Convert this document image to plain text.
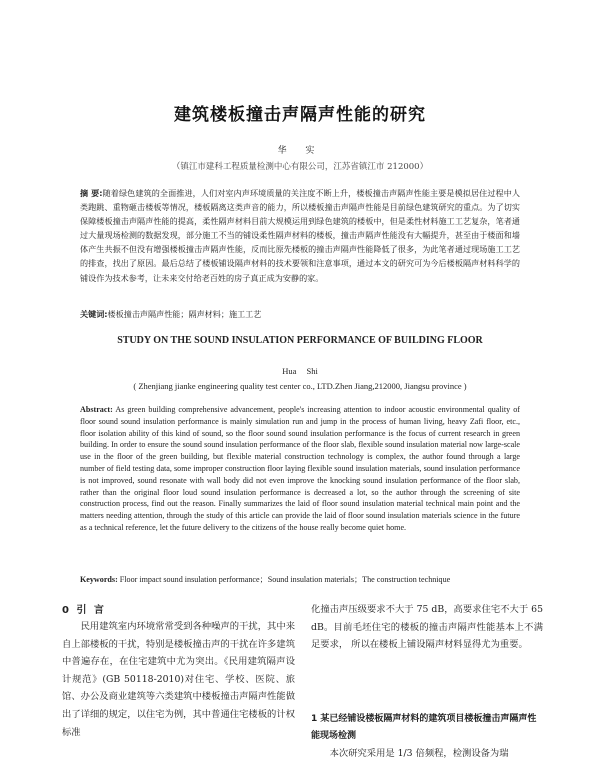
建筑楼板撞击声隔声性能的研究
华 实
（镇江市建科工程质量检测中心有限公司，江苏省镇江市 212000）
摘 要:随着绿色建筑的全面推进，人们对室内声环境质量的关注度不断上升，楼板撞击声隔声性能主要是模拟居住过程中人类跑跳、重物砸击楼板等情况，楼板隔离这类声音的能力，所以楼板撞击声隔声性能是目前绿色建筑研究的重点。为了切实保障楼板撞击声隔声性能的提高，柔性隔声材料目前大规模运用到绿色建筑的楼板中，但是柔性材料施工工艺复杂，笔者通过大量现场检测的数据发现，部分施工不当的铺设柔性隔声材料的楼板，撞击声隔声性能没有大幅提升，甚至由于楼面和墙体产生共振不但没有增强楼板撞击声隔声性能，反而比原先楼板的撞击声隔声性能降低了很多，为此笔者通过现场施工工艺的排查，找出了原因。最后总结了楼板铺设隔声材料的技术要领和注意事项，通过本文的研究可为今后楼板隔声材料科学的铺设作为技术参考，让未来交付给老百姓的房子真正成为安静的家。
关键词:楼板撞击声隔声性能；隔声材料；施工工艺
STUDY ON THE SOUND INSULATION PERFORMANCE OF BUILDING FLOOR
Hua Shi
( Zhenjiang jianke engineering quality test center co., LTD.Zhen Jiang,212000, Jiangsu province )
Abstract: As green building comprehensive advancement, people's increasing attention to indoor acoustic environmental quality of floor sound sound insulation performance is mainly simulation run and jump in the process of human living, heavy Zafi floor, etc., floor isolation ability of this kind of sound, so the floor sound sound insulation performance is the focus of current research in green building. In order to ensure the sound sound insulation performance of the floor slab, flexible sound insulation material now large-scale use in the floor of the green building, but flexible material construction technology is complex, the author found through a large number of field testing data, some improper construction floor laying flexible sound insulation materials, sound insulation performance is not improved, sound resonate with wall body did not even improve the knocking sound insulation performance of the floor slab, rather than the original floor loud sound insulation performance is decreased a lot, so the author through the screening of site construction process, find out the reason. Finally summarizes the laid of floor sound insulation material technical main point and the matters needing attention, through the study of this article can provide the laid of floor sound insulation materials science in the future as a technical reference, let the future delivery to the citizens of the house really become quiet home.
Keywords: Floor impact sound insulation performance；Sound insulation materials；The construction technique
0 引 言

民用建筑室内环境常常受到各种噪声的干扰，其中来自上部楼板的干扰，特别是楼板撞击声的干扰在许多建筑中普遍存在，在住宅建筑中尤为突出。《民用建筑隔声设计规范》(GB 50118-2010)对住宅、学校、医院、旅馆、办公及商业建筑等六类建筑中楼板撞击声隔声性能做出了详细的规定，以住宅为例，其中普通住宅楼板的计权标准

化撞击声压级要求不大于 75 dB，高要求住宅不大于 65 dB。目前毛坯住宅的楼板的撞击声隔声性能基本上不满足要求， 所以在楼板上铺设隔声材料显得尤为重要。

1 某已经铺设楼板隔声材料的建筑项目楼板撞击声隔声性能现场检测

本次研究采用是 1/3 倍频程，检测设备为瑞
